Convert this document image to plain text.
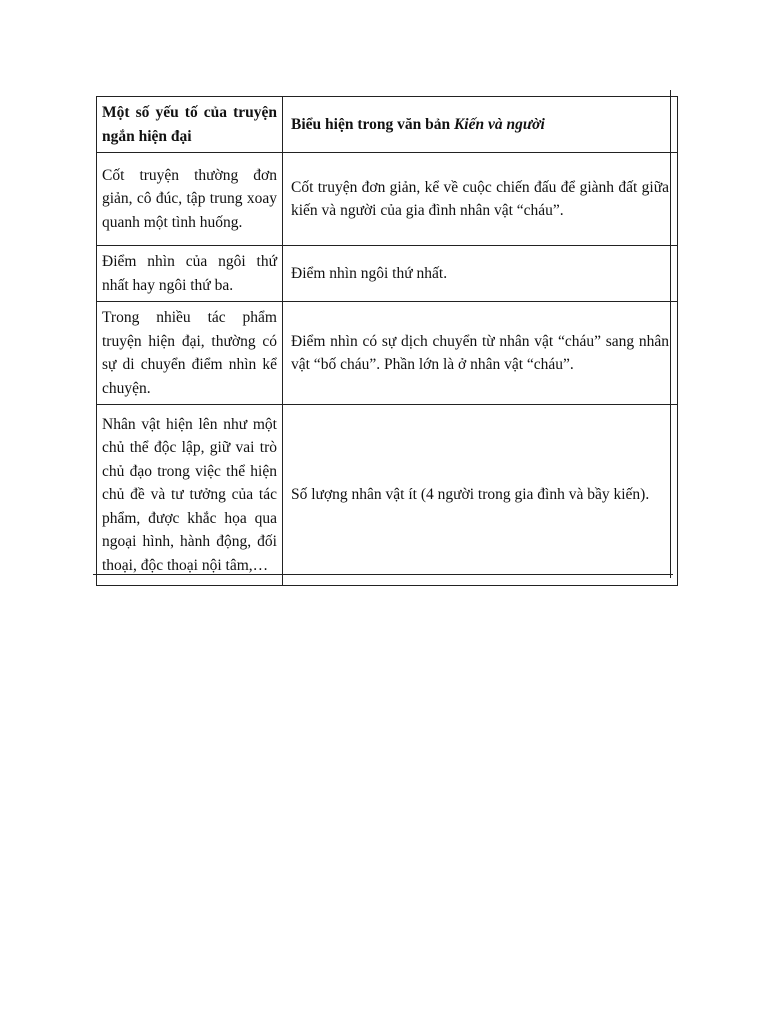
Một số yếu tố của truyện ngắn hiện đại	Biểu hiện trong văn bản Kiến và người
Cốt truyện thường đơn giản, cô đúc, tập trung xoay quanh một tình huống.	Cốt truyện đơn giản, kể về cuộc chiến đấu để giành đất giữa kiến và người của gia đình nhân vật “cháu”.
Điểm nhìn của ngôi thứ nhất hay ngôi thứ ba.	Điểm nhìn ngôi thứ nhất.
Trong nhiều tác phẩm truyện hiện đại, thường có sự di chuyển điểm nhìn kể chuyện.	Điểm nhìn có sự dịch chuyển từ nhân vật “cháu” sang nhân vật “bố cháu”. Phần lớn là ở nhân vật “cháu”.
Nhân vật hiện lên như một chủ thể độc lập, giữ vai trò chủ đạo trong việc thể hiện chủ đề và tư tưởng của tác phẩm, được khắc họa qua ngoại hình, hành động, đối thoại, độc thoại nội tâm,…	Số lượng nhân vật ít (4 người trong gia đình và bầy kiến).
